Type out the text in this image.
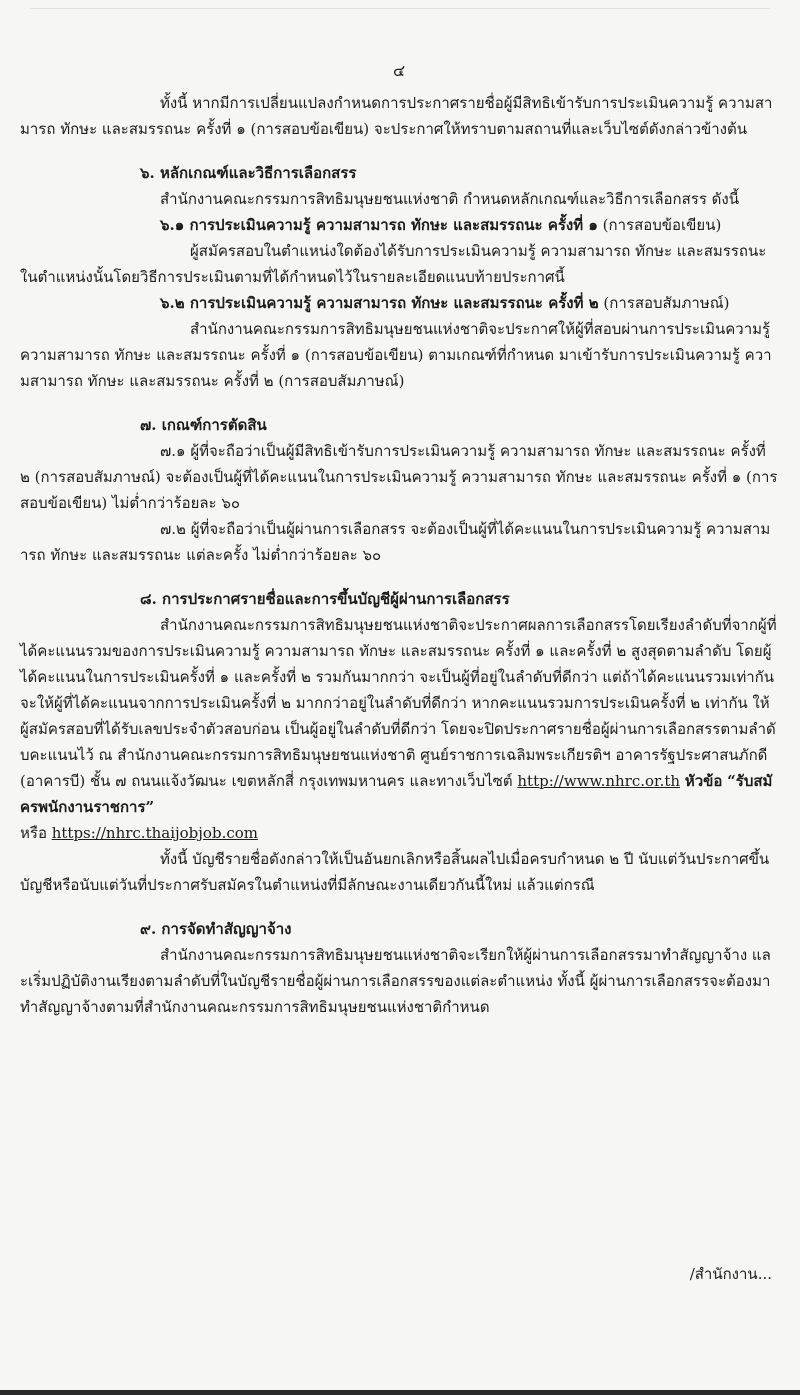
๔

ทั้งนี้ หากมีการเปลี่ยนแปลงกำหนดการประกาศรายชื่อผู้มีสิทธิเข้ารับการประเมินความรู้ ความสามารถ ทักษะ และสมรรถนะ ครั้งที่ ๑ (การสอบข้อเขียน) จะประกาศให้ทราบตามสถานที่และเว็บไซต์ดังกล่าวข้างต้น

๖. หลักเกณฑ์และวิธีการเลือกสรร

สำนักงานคณะกรรมการสิทธิมนุษยชนแห่งชาติ กำหนดหลักเกณฑ์และวิธีการเลือกสรร ดังนี้

๖.๑ การประเมินความรู้ ความสามารถ ทักษะ และสมรรถนะ ครั้งที่ ๑ (การสอบข้อเขียน)

ผู้สมัครสอบในตำแหน่งใดต้องได้รับการประเมินความรู้ ความสามารถ ทักษะ และสมรรถนะ ในตำแหน่งนั้นโดยวิธีการประเมินตามที่ได้กำหนดไว้ในรายละเอียดแนบท้ายประกาศนี้

๖.๒ การประเมินความรู้ ความสามารถ ทักษะ และสมรรถนะ ครั้งที่ ๒ (การสอบสัมภาษณ์)

สำนักงานคณะกรรมการสิทธิมนุษยชนแห่งชาติจะประกาศให้ผู้ที่สอบผ่านการประเมินความรู้ ความสามารถ ทักษะ และสมรรถนะ ครั้งที่ ๑ (การสอบข้อเขียน) ตามเกณฑ์ที่กำหนด มาเข้ารับการประเมินความรู้ ความสามารถ ทักษะ และสมรรถนะ ครั้งที่ ๒ (การสอบสัมภาษณ์)

๗. เกณฑ์การตัดสิน

๗.๑ ผู้ที่จะถือว่าเป็นผู้มีสิทธิเข้ารับการประเมินความรู้ ความสามารถ ทักษะ และสมรรถนะ ครั้งที่ ๒ (การสอบสัมภาษณ์) จะต้องเป็นผู้ที่ได้คะแนนในการประเมินความรู้ ความสามารถ ทักษะ และสมรรถนะ ครั้งที่ ๑ (การสอบข้อเขียน) ไม่ต่ำกว่าร้อยละ ๖๐

๗.๒ ผู้ที่จะถือว่าเป็นผู้ผ่านการเลือกสรร จะต้องเป็นผู้ที่ได้คะแนนในการประเมินความรู้ ความสามารถ ทักษะ และสมรรถนะ แต่ละครั้ง ไม่ต่ำกว่าร้อยละ ๖๐

๘. การประกาศรายชื่อและการขึ้นบัญชีผู้ผ่านการเลือกสรร

สำนักงานคณะกรรมการสิทธิมนุษยชนแห่งชาติจะประกาศผลการเลือกสรรโดยเรียงลำดับที่จากผู้ที่ได้คะแนนรวมของการประเมินความรู้ ความสามารถ ทักษะ และสมรรถนะ ครั้งที่ ๑ และครั้งที่ ๒ สูงสุดตามลำดับ โดยผู้ได้คะแนนในการประเมินครั้งที่ ๑ และครั้งที่ ๒ รวมกันมากกว่า จะเป็นผู้ที่อยู่ในลำดับที่ดีกว่า แต่ถ้าได้คะแนนรวมเท่ากัน จะให้ผู้ที่ได้คะแนนจากการประเมินครั้งที่ ๒ มากกว่าอยู่ในลำดับที่ดีกว่า หากคะแนนรวมการประเมินครั้งที่ ๒ เท่ากัน ให้ผู้สมัครสอบที่ได้รับเลขประจำตัวสอบก่อน เป็นผู้อยู่ในลำดับที่ดีกว่า โดยจะปิดประกาศรายชื่อผู้ผ่านการเลือกสรรตามลำดับคะแนนไว้ ณ สำนักงานคณะกรรมการสิทธิมนุษยชนแห่งชาติ ศูนย์ราชการเฉลิมพระเกียรติฯ อาคารรัฐประศาสนภักดี (อาคารบี) ชั้น ๗ ถนนแจ้งวัฒนะ เขตหลักสี่ กรุงเทพมหานคร และทางเว็บไซต์ http://www.nhrc.or.th หัวข้อ “รับสมัครพนักงานราชการ”

หรือ https://nhrc.thaijobjob.com

ทั้งนี้ บัญชีรายชื่อดังกล่าวให้เป็นอันยกเลิกหรือสิ้นผลไปเมื่อครบกำหนด ๒ ปี นับแต่วันประกาศขึ้นบัญชีหรือนับแต่วันที่ประกาศรับสมัครในตำแหน่งที่มีลักษณะงานเดียวกันนี้ใหม่ แล้วแต่กรณี

๙. การจัดทำสัญญาจ้าง

สำนักงานคณะกรรมการสิทธิมนุษยชนแห่งชาติจะเรียกให้ผู้ผ่านการเลือกสรรมาทำสัญญาจ้าง และเริ่มปฏิบัติงานเรียงตามลำดับที่ในบัญชีรายชื่อผู้ผ่านการเลือกสรรของแต่ละตำแหน่ง ทั้งนี้ ผู้ผ่านการเลือกสรรจะต้องมาทำสัญญาจ้างตามที่สำนักงานคณะกรรมการสิทธิมนุษยชนแห่งชาติกำหนด

/สำนักงาน...
